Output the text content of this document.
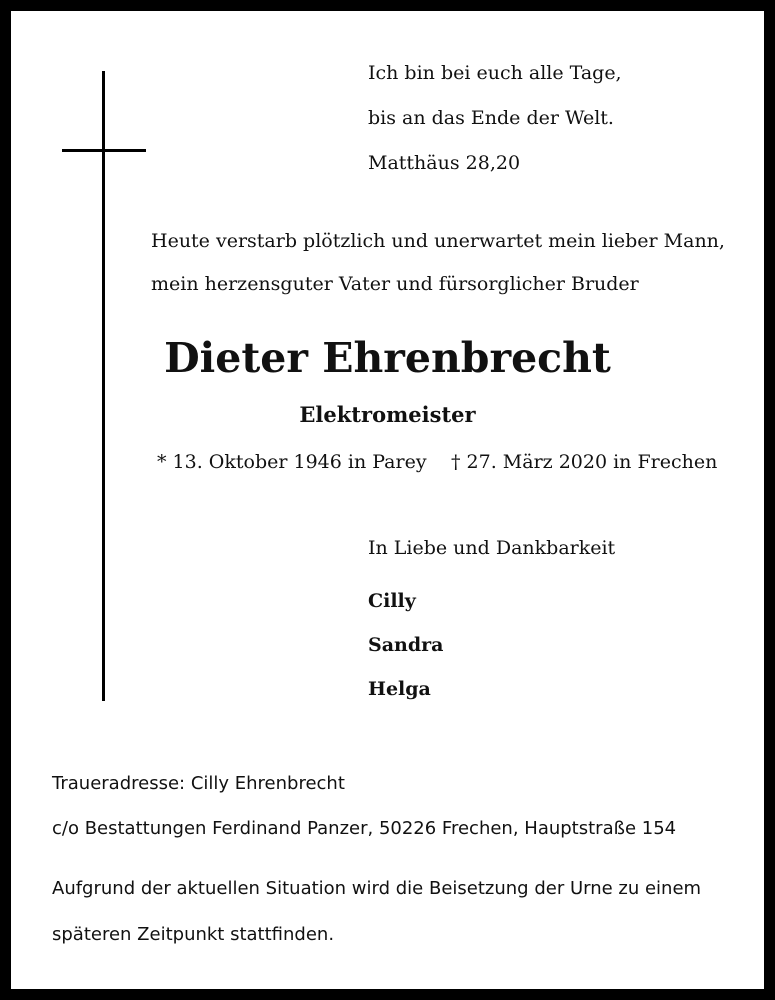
Ich bin bei euch alle Tage,
bis an das Ende der Welt.
Matthäus 28,20
Heute verstarb plötzlich und unerwartet mein lieber Mann,
mein herzensguter Vater und fürsorglicher Bruder
Dieter Ehrenbrecht
Elektromeister
* 13. Oktober 1946 in Parey † 27. März 2020 in Frechen
In Liebe und Dankbarkeit
Cilly
Sandra
Helga
Traueradresse: Cilly Ehrenbrecht
c/o Bestattungen Ferdinand Panzer, 50226 Frechen, Hauptstraße 154
Aufgrund der aktuellen Situation wird die Beisetzung der Urne zu einem
späteren Zeitpunkt stattfinden.
